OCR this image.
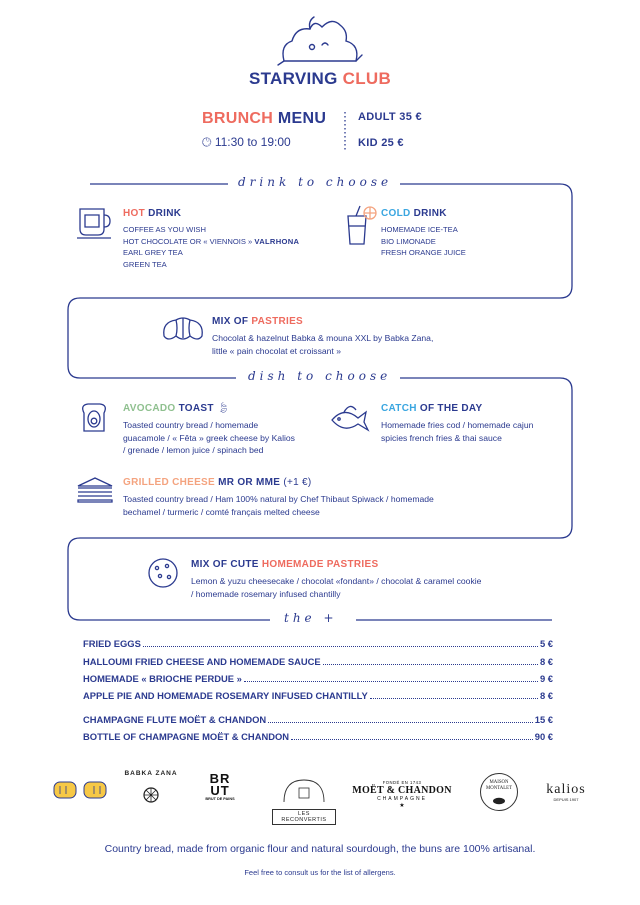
STARVING CLUB
BRUNCH MENU
🕑︎ 11:30 to 19:00
ADULT 35 €
KID 25 €
drink to choose
dish to choose
the +
HOT DRINK
COFFEE AS YOU WISH
HOT CHOCOLATE OR « VIENNOIS » VALRHONA
EARL GREY TEA
GREEN TEA
COLD DRINK
HOMEMADE ICE-TEA
BIO LIMONADE
FRESH ORANGE JUICE
MIX OF PASTRIES
Chocolat & hazelnut Babka & mouna XXL by Babka Zana,
little « pain chocolat et croissant »
AVOCADO TOAST 🍃︎
Toasted country bread / homemade
guacamole / « Fêta » greek cheese by Kalios
/ grenade / lemon juice / spinach bed
CATCH OF THE DAY
Homemade fries cod / homemade cajun
spicies french fries & thai sauce
GRILLED CHEESE MR OR MME (+1 €)
Toasted country bread / Ham 100% natural by Chef Thibaut Spiwack / homemade
bechamel / turmeric / comté français melted cheese
MIX OF CUTE HOMEMADE PASTRIES
Lemon & yuzu cheesecake / chocolat «fondant» / chocolat & caramel cookie
/ homemade rosemary infused chantilly
FRIED EGGS	5 €
HALLOUMI FRIED CHEESE AND HOMEMADE SAUCE	8 €
HOMEMADE « BRIOCHE PERDUE »	9 €
APPLE PIE AND HOMEMADE ROSEMARY INFUSED CHANTILLY	8 €
CHAMPAGNE FLUTE MOËT & CHANDON	15 €
BOTTLE OF CHAMPAGNE MOËT & CHANDON	90 €
BABKA ZANA	BRUT
BRUT DE PAINS
LES RECONVERTIS
FONDÉ EN 1743
MOËT & CHANDON
CHAMPAGNE
★
MAISON MONTALET	kalios
DEPUIS 1907
Country bread, made from organic flour and natural sourdough, the buns are 100% artisanal.
Feel free to consult us for the list of allergens.
